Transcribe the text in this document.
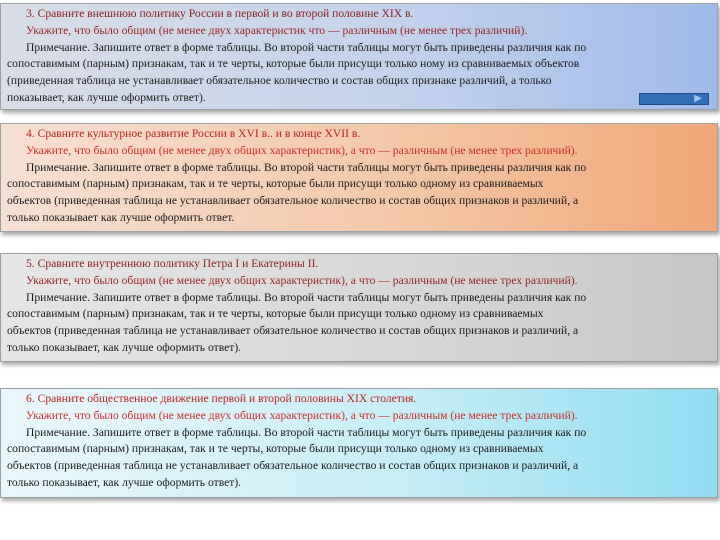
3. Сравните внешнюю политику России в первой и во второй половине XIX в.

Укажите, что было общим (не менее двух характеристик что — различным (не менее трех различий).

Примечание. Запишите ответ в форме таблицы. Во второй части таблицы могут быть приведены различия как по

сопоставимым (парным) признакам, так и те черты, которые были присущи только ному из сравниваемых объектов

(приведенная таблица не устанавливает обязательное количество и состав общих признаке различий, а только

показывает, как лучше оформить ответ).	▶

4. Сравните культурное развитие России в XVI в.. и в конце XVII в.

Укажите, что было общим (не менее двух общих характеристик), а что — различным (не менее трех различий).

Примечание. Запишите ответ в форме таблицы. Во второй части таблицы могут быть приведены различия как по

сопоставимым (парным) признакам, так и те черты, которые были присущи только одному из сравниваемых

объектов (приведенная таблица не устанавливает обязательное количество и состав общих признаков и различий, а

только показывает как лучше оформить ответ.

5. Сравните внутреннюю политику Петра I и Екатерины II.

Укажите, что было общим (не менее двух общих характеристик), а что — различным (не менее трех различий).

Примечание. Запишите ответ в форме таблицы. Во второй части таблицы могут быть приведены различия как по

сопоставимым (парным) признакам, так и те черты, которые были присущи только одному из сравниваемых

объектов (приведенная таблица не устанавливает обязательное количество и состав общих признаков и различий, а

только показывает, как лучше оформить ответ).

6. Сравните общественное движение первой и второй половины XIX столетия.

Укажите, что было общим (не менее двух общих характеристик), а что — различным (не менее трех различий).

Примечание. Запишите ответ в форме таблицы. Во второй части таблицы могут быть приведены различия как по

сопоставимым (парным) признакам, так и те черты, которые были присущи только одному из сравниваемых

объектов (приведенная таблица не устанавливает обязательное количество и состав общих признаков и различий, а

только показывает, как лучше оформить ответ).
